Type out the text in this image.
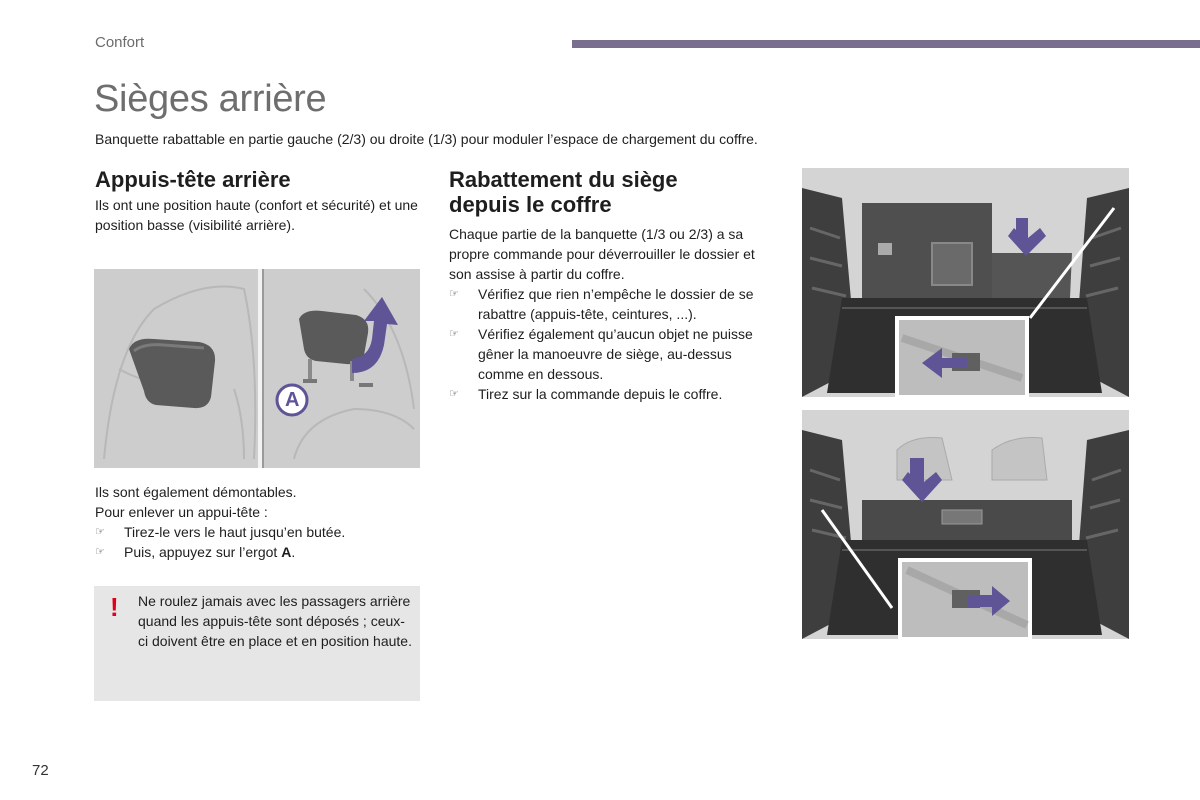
Confort
Sièges arrière

Banquette rabattable en partie gauche (2/3) ou droite (1/3) pour moduler l’espace de chargement du coffre.

Appuis-tête arrière

Ils ont une position haute (confort et sécurité) et une position basse (visibilité arrière).

A

Ils sont également démontables.

Pour enlever un appui-tête :

☞ Tirez-le vers le haut jusqu’en butée.
☞ Puis, appuyez sur l’ergot A.
! Ne roulez jamais avec les passagers arrière quand les appuis-tête sont déposés ; ceux-ci doivent être en place et en position haute.

Rabattement du siège depuis le coffre

Chaque partie de la banquette (1/3 ou 2/3) a sa propre commande pour déverrouiller le dossier et son assise à partir du coffre.

☞ Vérifiez que rien n’empêche le dossier de se rabattre (appuis-tête, ceintures, ...).
☞ Vérifiez également qu’aucun objet ne puisse gêner la manoeuvre de siège, au-dessus comme en dessous.
☞ Tirez sur la commande depuis le coffre.
72
